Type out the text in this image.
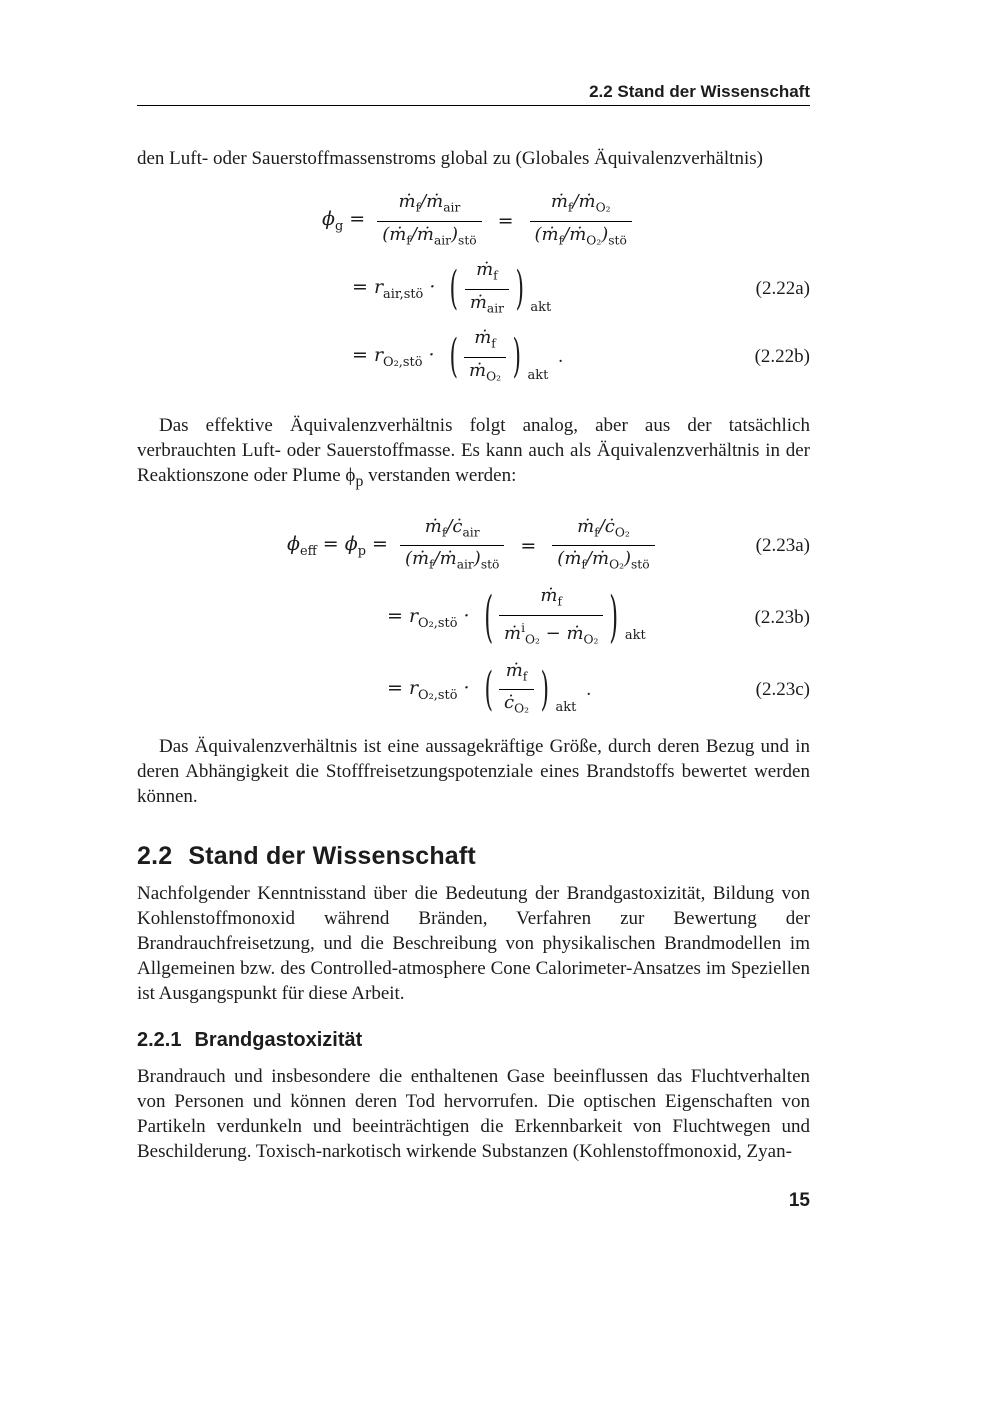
2.2 Stand der Wissenschaft

den Luft- oder Sauerstoffmassenstroms global zu (Globales Äquivalenzverhältnis)

$\phi_g = \frac{ṁ_f/ṁ_{air}}{(ṁ_f/ṁ_{air})_{stö}} = \frac{ṁ_f/ṁ_{O_2}}{(ṁ_f/ṁ_{O_2})_{stö}}$
= $r_{air,stö}$ · ( $\frac{ṁ_f}{ṁ_{air}}$ ) akt
(2.22a)
= $r_{O_2,stö}$ · ( $\frac{ṁ_f}{ṁ_{O_2}}$ ) akt
.	(2.22b)

Das effektive Äquivalenzverhältnis folgt analog, aber aus der tatsächlich verbrauchten Luft- oder Sauerstoffmasse. Es kann auch als Äquivalenzverhältnis in der Reaktionszone oder Plume $\phi_p$ verstanden werden:

$\phi_{eff} = \phi_p = \frac{ṁ_f/ċ_{air}}{(ṁ_f/ṁ_{air})_{stö}} = \frac{ṁ_f/ċ_{O_2}}{(ṁ_f/ṁ_{O_2})_{stö}}$	(2.23a)
= $r_{O_2,stö}$ · ( $\frac{ṁ_f}{ṁ^i_{O_2} - ṁ_{O_2}}$ ) akt
(2.23b)
= $r_{O_2,stö}$ · ( $\frac{ṁ_f}{ċ_{O_2}}$ ) akt
.	(2.23c)

Das Äquivalenzverhältnis ist eine aussagekräftige Größe, durch deren Bezug und in deren Abhängigkeit die Stofffreisetzungspotenziale eines Brandstoffs bewertet werden können.

2.2 Stand der Wissenschaft

Nachfolgender Kenntnisstand über die Bedeutung der Brandgastoxizität, Bildung von Kohlenstoffmonoxid während Bränden, Verfahren zur Bewertung der Brandrauchfreisetzung, und die Beschreibung von physikalischen Brandmodellen im Allgemeinen bzw. des Controlled-atmosphere Cone Calorimeter-Ansatzes im Speziellen ist Ausgangspunkt für diese Arbeit.

2.2.1 Brandgastoxizität

Brandrauch und insbesondere die enthaltenen Gase beeinflussen das Fluchtverhalten von Personen und können deren Tod hervorrufen. Die optischen Eigenschaften von Partikeln verdunkeln und beeinträchtigen die Erkennbarkeit von Fluchtwegen und Beschilderung. Toxisch-narkotisch wirkende Substanzen (Kohlenstoffmonoxid, Zyan-

15
